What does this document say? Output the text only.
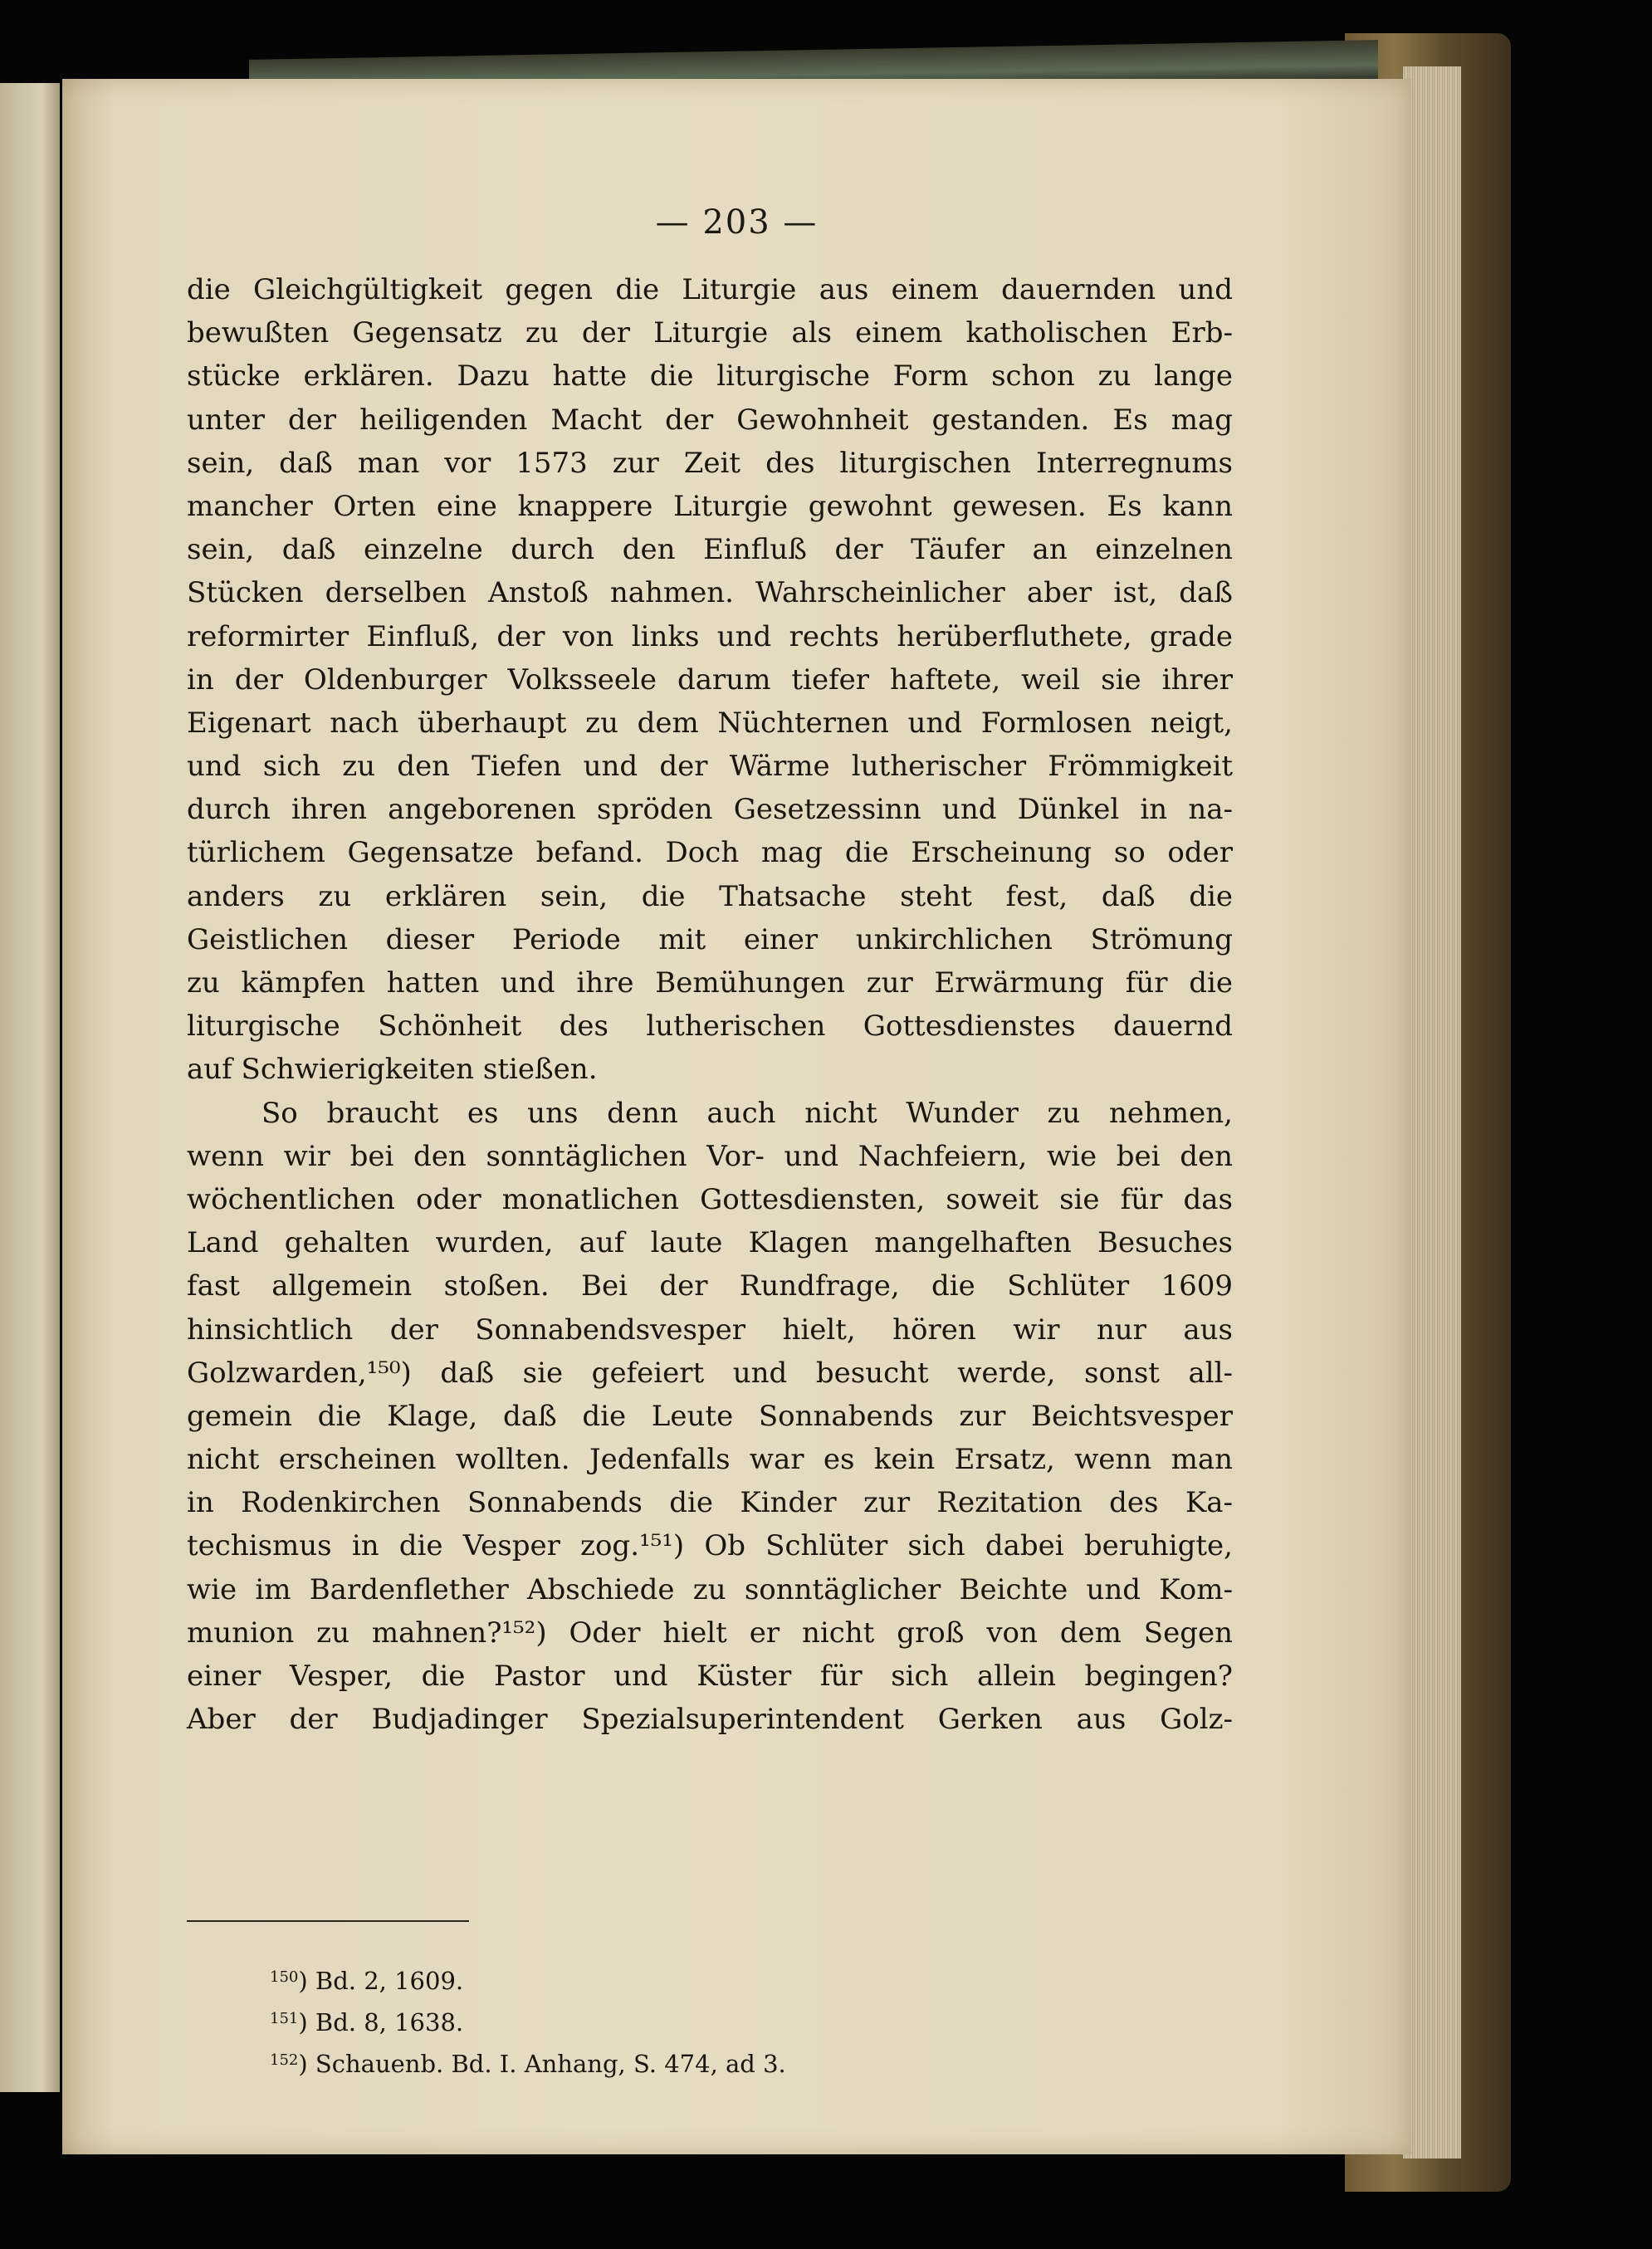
— 203 —
die Gleichgültigkeit gegen die Liturgie aus einem dauernden und
bewußten Gegensatz zu der Liturgie als einem katholischen Erb-
stücke erklären. Dazu hatte die liturgische Form schon zu lange
unter der heiligenden Macht der Gewohnheit gestanden. Es mag
sein, daß man vor 1573 zur Zeit des liturgischen Interregnums
mancher Orten eine knappere Liturgie gewohnt gewesen. Es kann
sein, daß einzelne durch den Einfluß der Täufer an einzelnen
Stücken derselben Anstoß nahmen. Wahrscheinlicher aber ist, daß
reformirter Einfluß, der von links und rechts herüberfluthete, grade
in der Oldenburger Volksseele darum tiefer haftete, weil sie ihrer
Eigenart nach überhaupt zu dem Nüchternen und Formlosen neigt,
und sich zu den Tiefen und der Wärme lutherischer Frömmigkeit
durch ihren angeborenen spröden Gesetzessinn und Dünkel in na-
türlichem Gegensatze befand. Doch mag die Erscheinung so oder
anders zu erklären sein, die Thatsache steht fest, daß die
Geistlichen dieser Periode mit einer unkirchlichen Strömung
zu kämpfen hatten und ihre Bemühungen zur Erwärmung für die
liturgische Schönheit des lutherischen Gottesdienstes dauernd
auf Schwierigkeiten stießen.
So braucht es uns denn auch nicht Wunder zu nehmen,
wenn wir bei den sonntäglichen Vor- und Nachfeiern, wie bei den
wöchentlichen oder monatlichen Gottesdiensten, soweit sie für das
Land gehalten wurden, auf laute Klagen mangelhaften Besuches
fast allgemein stoßen. Bei der Rundfrage, die Schlüter 1609
hinsichtlich der Sonnabendsvesper hielt, hören wir nur aus
Golzwarden,¹⁵⁰) daß sie gefeiert und besucht werde, sonst all-
gemein die Klage, daß die Leute Sonnabends zur Beichtsvesper
nicht erscheinen wollten. Jedenfalls war es kein Ersatz, wenn man
in Rodenkirchen Sonnabends die Kinder zur Rezitation des Ka-
techismus in die Vesper zog.¹⁵¹) Ob Schlüter sich dabei beruhigte,
wie im Bardenflether Abschiede zu sonntäglicher Beichte und Kom-
munion zu mahnen?¹⁵²) Oder hielt er nicht groß von dem Segen
einer Vesper, die Pastor und Küster für sich allein begingen?
Aber der Budjadinger Spezialsuperintendent Gerken aus Golz-
$^{150}$) Bd. 2, 1609.
$^{151}$) Bd. 8, 1638.
$^{152}$) Schauenb. Bd. I. Anhang, S. 474, ad 3.
